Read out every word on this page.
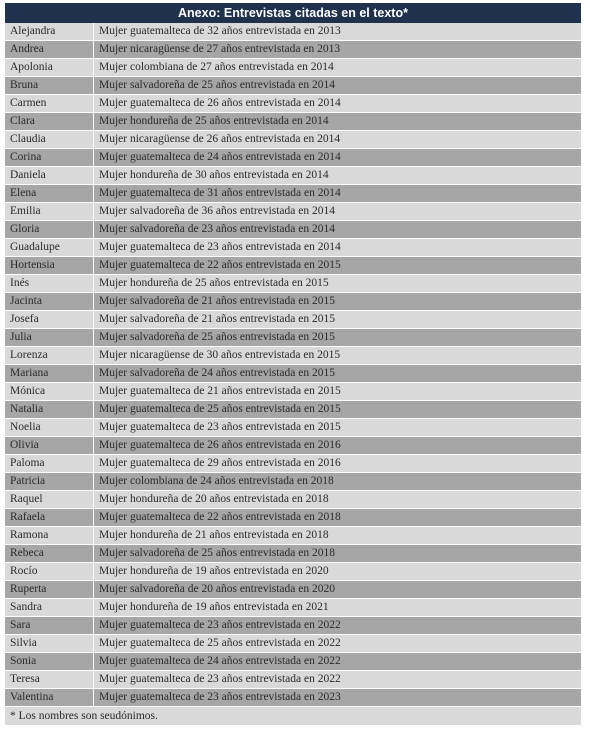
Anexo: Entrevistas citadas en el texto*
Alejandra	Mujer guatemalteca de 32 años entrevistada en 2013
Andrea	Mujer nicaragüense de 27 años entrevistada en 2013
Apolonia	Mujer colombiana de 27 años entrevistada en 2014
Bruna	Mujer salvadoreña de 25 años entrevistada en 2014
Carmen	Mujer guatemalteca de 26 años entrevistada en 2014
Clara	Mujer hondureña de 25 años entrevistada en 2014
Claudia	Mujer nicaragüense de 26 años entrevistada en 2014
Corina	Mujer guatemalteca de 24 años entrevistada en 2014
Daniela	Mujer hondureña de 30 años entrevistada en 2014
Elena	Mujer guatemalteca de 31 años entrevistada en 2014
Emilia	Mujer salvadoreña de 36 años entrevistada en 2014
Gloria	Mujer salvadoreña de 23 años entrevistada en 2014
Guadalupe	Mujer guatemalteca de 23 años entrevistada en 2014
Hortensia	Mujer guatemalteca de 22 años entrevistada en 2015
Inés	Mujer hondureña de 25 años entrevistada en 2015
Jacinta	Mujer salvadoreña de 21 años entrevistada en 2015
Josefa	Mujer salvadoreña de 21 años entrevistada en 2015
Julia	Mujer salvadoreña de 25 años entrevistada en 2015
Lorenza	Mujer nicaragüense de 30 años entrevistada en 2015
Mariana	Mujer salvadoreña de 24 años entrevistada en 2015
Mónica	Mujer guatemalteca de 21 años entrevistada en 2015
Natalia	Mujer guatemalteca de 25 años entrevistada en 2015
Noelia	Mujer guatemalteca de 23 años entrevistada en 2015
Olivia	Mujer guatemalteca de 26 años entrevistada en 2016
Paloma	Mujer guatemalteca de 29 años entrevistada en 2016
Patricia	Mujer colombiana de 24 años entrevistada en 2018
Raquel	Mujer hondureña de 20 años entrevistada en 2018
Rafaela	Mujer guatemalteca de 22 años entrevistada en 2018
Ramona	Mujer hondureña de 21 años entrevistada en 2018
Rebeca	Mujer salvadoreña de 25 años entrevistada en 2018
Rocío	Mujer hondureña de 19 años entrevistada en 2020
Ruperta	Mujer salvadoreña de 20 años entrevistada en 2020
Sandra	Mujer hondureña de 19 años entrevistada en 2021
Sara	Mujer guatemalteca de 23 años entrevistada en 2022
Silvia	Mujer guatemalteca de 25 años entrevistada en 2022
Sonia	Mujer guatemalteca de 24 años entrevistada en 2022
Teresa	Mujer guatemalteca de 23 años entrevistada en 2022
Valentina	Mujer guatemalteca de 23 años entrevistada en 2023
* Los nombres son seudónimos.
